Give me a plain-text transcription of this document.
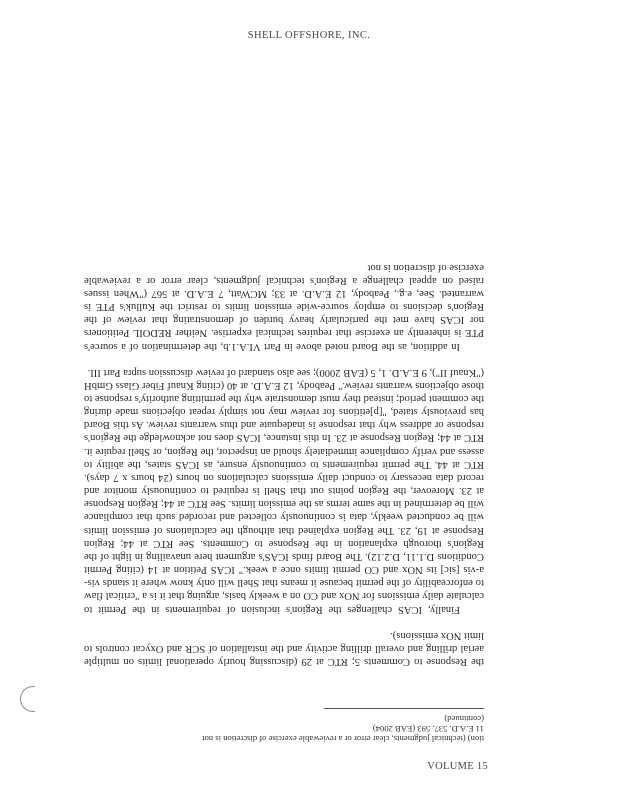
SHELL OFFSHORE, INC.

tion) (technical judgments, clear error or a reviewable exercise of discretion is not

11 E.A.D. 537, 593 (EAB 2004)

(continued)

the Response to Comments 5; RTC at 29 (discussing hourly operational limits on multiple aerial drilling and overall drilling activity and the installation of SCR and Oxycat controls to limit NOx emissions).

Finally, ICAS challenges the Region's inclusion of requirements in the Permit to calculate daily emissions for NOx and CO on a weekly basis, arguing that it is a "critical flaw to enforceability of the permit because it means that Shell will only know where it stands vis-a-vis [sic] its NOx and CO permit limits once a week." ICAS Petition at 14 (citing Permit Conditions D.1.11, D.2.12). The Board finds ICAS's argument here unavailing in light of the Region's thorough explanation in the Response to Comments. See RTC at 44; Region Response at 19, 23. The Region explained that although the calculations of emission limits will be conducted weekly, data is continuously collected and recorded such that compliance will be determined in the same terms as the emission limits. See RTC at 44; Region Response at 23. Moreover, the Region points out that Shell is required to continuously monitor and record data necessary to conduct daily emissions calculations on hours (24 hours x 7 days). RTC at 44. The permit requirements to continuously ensure, as ICAS states, the ability to assess and verify compliance immediately should an inspector, the Region, or Shell require it. RTC at 44; Region Response at 23. In this instance, ICAS does not acknowledge the Region's response or address why that response is inadequate and thus warrants review. As this Board has previously stated, "[p]etitions for review may not simply repeat objections made during the comment period; instead they must demonstrate why the permitting authority's response to those objections warrants review." Peabody, 12 E.A.D. at 40 (citing Knauf Fiber Glass GmbH ("Knauf II"), 9 E.A.D. 1, 5 (EAB 2000); see also standard of review discussion supra Part III.

In addition, as the Board noted above in Part VI.A.1.b, the determination of a source's PTE is inherently an exercise that requires technical expertise. Neither REDOIL Petitioners nor ICAS have met the particularly heavy burden of demonstrating that review of the Region's decisions to employ source-wide emission limits to restrict the Kulluk's PTE is warranted. See, e.g., Peabody, 12 E.A.D. at 33; MCWatt, 7 E.A.D. at 567 ("When issues raised on appeal challenge a Region's technical judgments, clear error or a reviewable exercise of discretion is not

VOLUME 15
